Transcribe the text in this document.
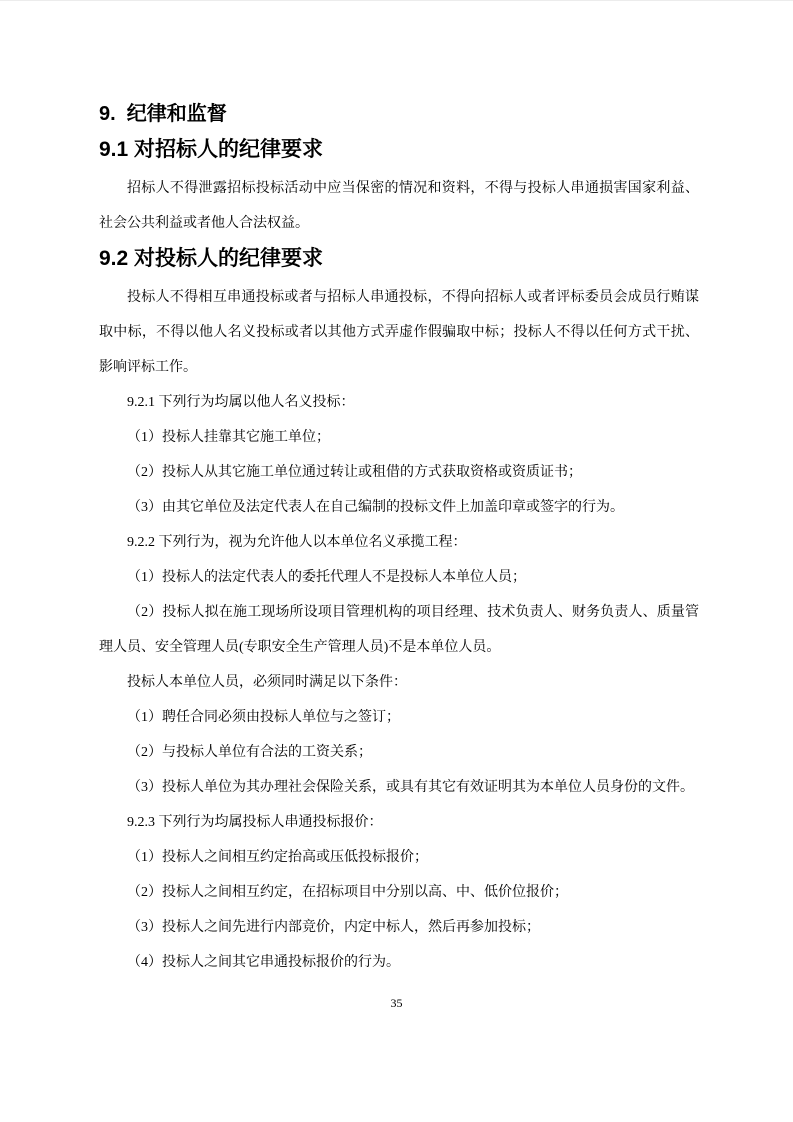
9.  纪律和监督
9.1 对招标人的纪律要求

招标人不得泄露招标投标活动中应当保密的情况和资料，不得与投标人串通损害国家利益、社会公共利益或者他人合法权益。

9.2 对投标人的纪律要求

投标人不得相互串通投标或者与招标人串通投标，不得向招标人或者评标委员会成员行贿谋取中标，不得以他人名义投标或者以其他方式弄虚作假骗取中标；投标人不得以任何方式干扰、影响评标工作。

9.2.1 下列行为均属以他人名义投标：

（1）投标人挂靠其它施工单位；

（2）投标人从其它施工单位通过转让或租借的方式获取资格或资质证书；

（3）由其它单位及法定代表人在自己编制的投标文件上加盖印章或签字的行为。

9.2.2 下列行为，视为允许他人以本单位名义承揽工程：

（1）投标人的法定代表人的委托代理人不是投标人本单位人员；

（2）投标人拟在施工现场所设项目管理机构的项目经理、技术负责人、财务负责人、质量管理人员、安全管理人员(专职安全生产管理人员)不是本单位人员。

投标人本单位人员，必须同时满足以下条件：

（1）聘任合同必须由投标人单位与之签订；

（2）与投标人单位有合法的工资关系；

（3）投标人单位为其办理社会保险关系，或具有其它有效证明其为本单位人员身份的文件。

9.2.3 下列行为均属投标人串通投标报价：

（1）投标人之间相互约定抬高或压低投标报价；

（2）投标人之间相互约定，在招标项目中分别以高、中、低价位报价；

（3）投标人之间先进行内部竞价，内定中标人，然后再参加投标；

（4）投标人之间其它串通投标报价的行为。

35
